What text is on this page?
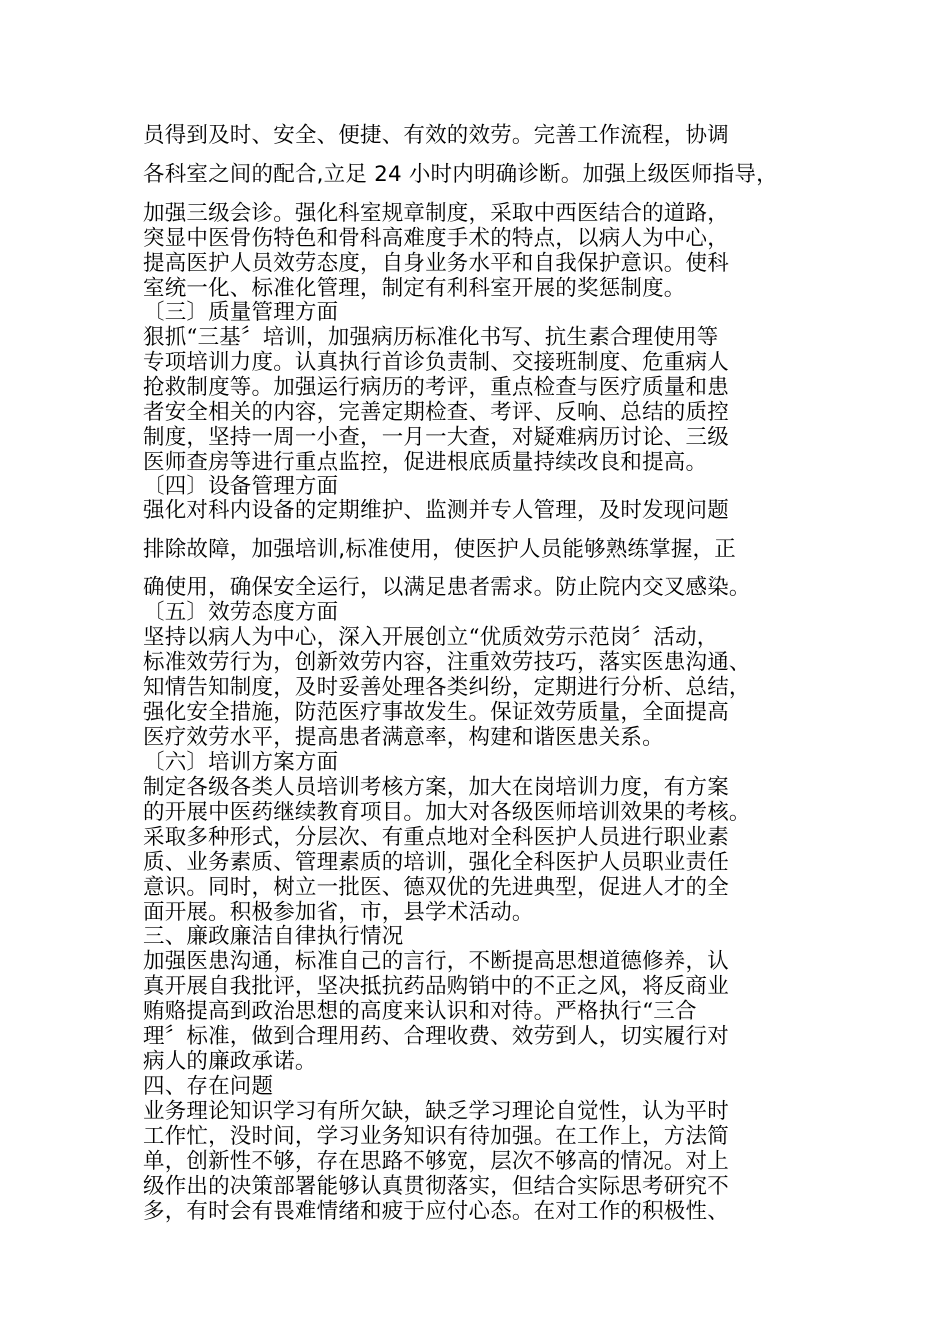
员得到及时、安全、便捷、有效的效劳。完善工作流程，协调
各科室之间的配合,立足 24 小时内明确诊断。加强上级医师指导，
加强三级会诊。强化科室规章制度，采取中西医结合的道路，
突显中医骨伤特色和骨科高难度手术的特点，以病人为中心，
提高医护人员效劳态度，自身业务水平和自我保护意识。使科
室统一化、标准化管理，制定有利科室开展的奖惩制度。
〔三〕质量管理方面
狠抓“三基〞培训，加强病历标准化书写、抗生素合理使用等
专项培训力度。认真执行首诊负责制、交接班制度、危重病人
抢救制度等。加强运行病历的考评，重点检查与医疗质量和患
者安全相关的内容，完善定期检查、考评、反响、总结的质控
制度，坚持一周一小查，一月一大查，对疑难病历讨论、三级
医师查房等进行重点监控，促进根底质量持续改良和提高。
〔四〕设备管理方面
强化对科内设备的定期维护、监测并专人管理，及时发现问题
排除故障，加强培训,标准使用，使医护人员能够熟练掌握，正
确使用，确保安全运行，以满足患者需求。防止院内交叉感染。
〔五〕效劳态度方面
坚持以病人为中心，深入开展创立“优质效劳示范岗〞活动，
标准效劳行为，创新效劳内容，注重效劳技巧，落实医患沟通、
知情告知制度，及时妥善处理各类纠纷，定期进行分析、总结，
强化安全措施，防范医疗事故发生。保证效劳质量，全面提高
医疗效劳水平，提高患者满意率，构建和谐医患关系。
〔六〕培训方案方面
制定各级各类人员培训考核方案，加大在岗培训力度，有方案
的开展中医药继续教育项目。加大对各级医师培训效果的考核。
采取多种形式，分层次、有重点地对全科医护人员进行职业素
质、业务素质、管理素质的培训，强化全科医护人员职业责任
意识。同时，树立一批医、德双优的先进典型，促进人才的全
面开展。积极参加省，市，县学术活动。
三、廉政廉洁自律执行情况
加强医患沟通，标准自己的言行，不断提高思想道德修养，认
真开展自我批评，坚决抵抗药品购销中的不正之风，将反商业
贿赂提高到政治思想的高度来认识和对待。严格执行“三合
理〞标准，做到合理用药、合理收费、效劳到人，切实履行对
病人的廉政承诺。
四、存在问题
业务理论知识学习有所欠缺，缺乏学习理论自觉性，认为平时
工作忙，没时间，学习业务知识有待加强。在工作上，方法简
单，创新性不够，存在思路不够宽，层次不够高的情况。对上
级作出的决策部署能够认真贯彻落实，但结合实际思考研究不
多，有时会有畏难情绪和疲于应付心态。在对工作的积极性、
